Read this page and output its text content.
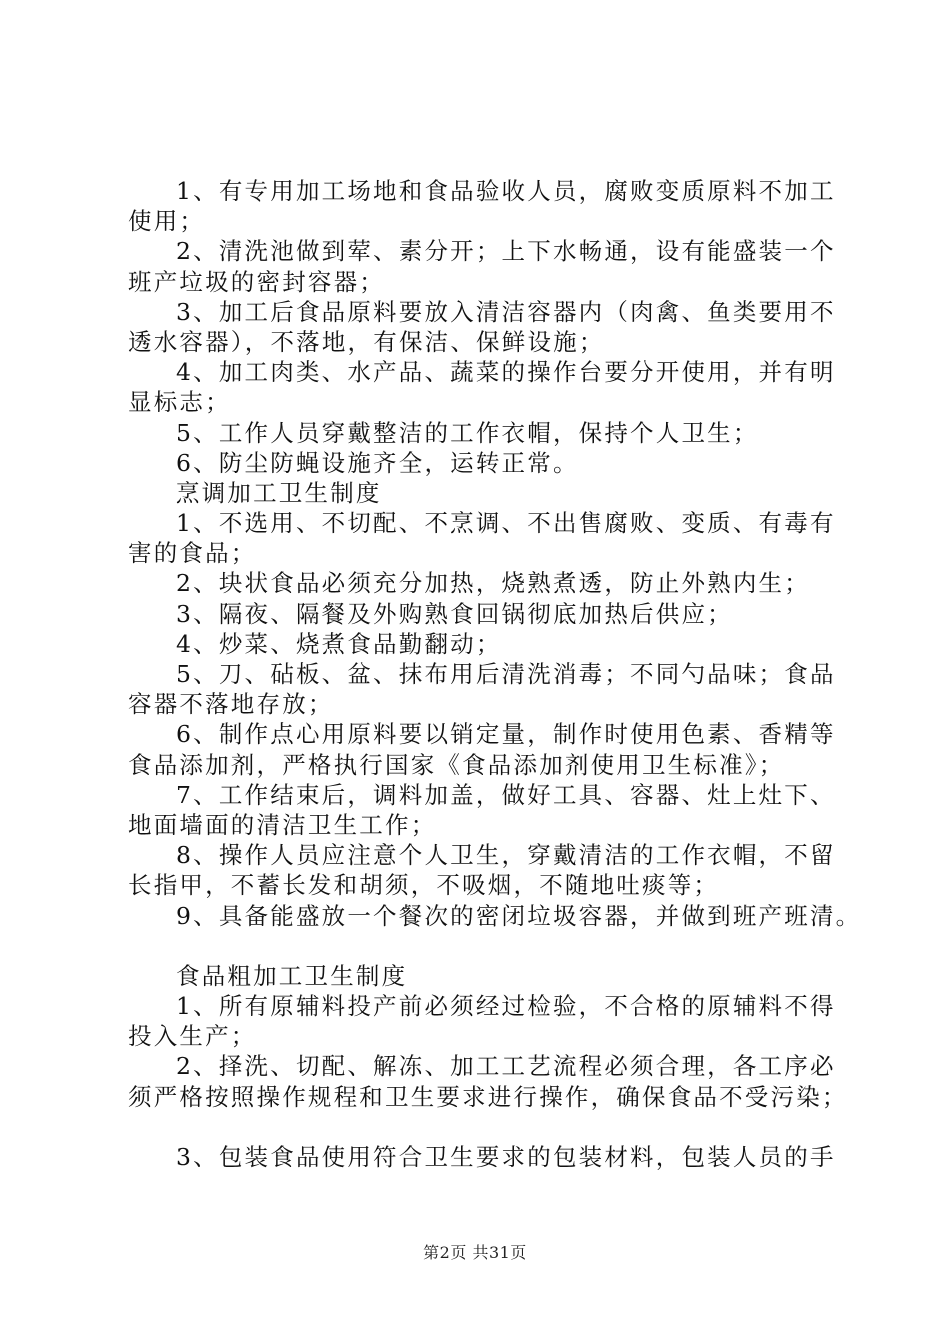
1、有专用加工场地和食品验收人员，腐败变质原料不加工
使用；
2、清洗池做到荤、素分开；上下水畅通，设有能盛装一个
班产垃圾的密封容器；
3、加工后食品原料要放入清洁容器内（肉禽、鱼类要用不
透水容器），不落地，有保洁、保鲜设施；
4、加工肉类、水产品、蔬菜的操作台要分开使用，并有明
显标志；
5、工作人员穿戴整洁的工作衣帽，保持个人卫生；
6、防尘防蝇设施齐全，运转正常。
烹调加工卫生制度
1、不选用、不切配、不烹调、不出售腐败、变质、有毒有
害的食品；
2、块状食品必须充分加热，烧熟煮透，防止外熟内生；
3、隔夜、隔餐及外购熟食回锅彻底加热后供应；
4、炒菜、烧煮食品勤翻动；
5、刀、砧板、盆、抹布用后清洗消毒；不同勺品味；食品
容器不落地存放；
6、制作点心用原料要以销定量，制作时使用色素、香精等
食品添加剂，严格执行国家《食品添加剂使用卫生标准》；
7、工作结束后，调料加盖，做好工具、容器、灶上灶下、
地面墙面的清洁卫生工作；
8、操作人员应注意个人卫生，穿戴清洁的工作衣帽，不留
长指甲，不蓄长发和胡须，不吸烟，不随地吐痰等；
9、具备能盛放一个餐次的密闭垃圾容器，并做到班产班清。
食品粗加工卫生制度
1、所有原辅料投产前必须经过检验，不合格的原辅料不得
投入生产；
2、择洗、切配、解冻、加工工艺流程必须合理，各工序必
须严格按照操作规程和卫生要求进行操作，确保食品不受污染；
3、包装食品使用符合卫生要求的包装材料，包装人员的手
第2页 共31页
